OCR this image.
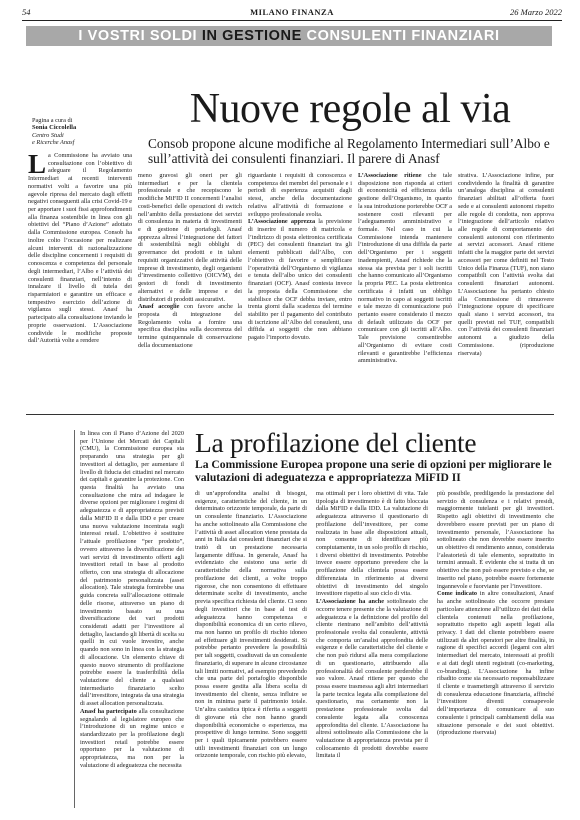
54	MILANO FINANZA	26 Marzo 2022
I VOSTRI SOLDI IN GESTIONE CONSULENTI FINANZIARI
Pagina a cura di
Sonia Ciccolella
Centro Studi
e Ricerche Anasf
Nuove regole al via
Consob propone alcune modifiche al Regolamento Intermediari sull’Albo e sull’attività dei consulenti finanziari. Il parere di Anasf

La Commissione ha avviato una consultazione con l’obiettivo di adeguare il Regolamento Intermediari ai recenti interventi normativi volti a favorire una più agevole ripresa del mercato dagli effetti negativi conseguenti alla crisi Covid-19 e per apportare i suoi fissi approfondimenti alla finanza sostenibile in linea con gli obiettivi del “Piano d’Azione” adottato dalla Commissione europea. Consob ha inoltre colto l’occasione per realizzare alcuni interventi di razionalizzazione delle discipline concernenti i requisiti di conoscenza e competenza del personale degli intermediari, l’Albo e l’attività dei consulenti finanziari, nell’intento di innalzare il livello di tutela dei risparmiatori e garantire un efficace e tempestivo esercizio dell’azione di vigilanza sugli stessi. Anasf ha partecipato alla consultazione inviando le proprie osservazioni. L’Associazione condivide le modifiche proposte dall’Autorità volte a rendere

meno gravosi gli oneri per gli intermediari e per la clientela professionale e che recepiscono le modifiche MiFID II concernenti l’analisi costi-benefici delle operazioni di switch nell’ambito della prestazione dei servizi di consulenza in materia di investimenti e di gestione di portafogli. Anasf apprezza altresì l’integrazione dei fattori di sostenibilità negli obblighi di governance dei prodotti e in taluni requisiti organizzativi delle attività delle imprese di investimento, degli organismi d’investimento collettivo (OICVM), dei gestori di fondi di investimento alternativi e delle imprese e dei distributori di prodotti assicurativi.

Anasf accoglie con favore anche la proposta di integrazione del Regolamento volta a fornire una specifica disciplina sulla decorrenza del termine quinquennale di conservazione della documentazione

riguardante i requisiti di conoscenza e competenza dei membri del personale e i periodi di esperienza acquisiti dagli stessi, anche della documentazione relativa all’attività di formazione e sviluppo professionale svolta.

L’Associazione apprezza la previsione di inserire il numero di matricola e l’indirizzo di posta elettronica certificata (PEC) dei consulenti finanziari tra gli elementi pubblicati dall’Albo, con l’obiettivo di favorire e semplificare l’operatività dell’Organismo di vigilanza e tenuta dell’albo unico dei consulenti finanziari (OCF). Anasf contesta invece la proposta della Commissione che stabilisce che OCF debba inviare, entro trenta giorni dalla scadenza del termine stabilito per il pagamento del contributo di iscrizione all’Albo del consulenti, una diffida ai soggetti che non abbiano pagato l’importo dovuto.

L’Associazione ritiene che tale disposizione non risponda ai criteri di economicità ed efficienza della gestione dell’Organismo, in quanto la sua introduzione porterebbe OCF a sostenere costi rilevanti per l’adeguamento amministrativo e formale. Nel caso in cui la Commissione intenda mantenere l’introduzione di una diffida da parte dell’Organismo per i soggetti inadempienti, Anasf richiede che la stessa sia prevista per i soli iscritti che hanno comunicato all’Organismo la propria PEC. La posta elettronica certificata è infatti un obbligo normativo in capo ai soggetti iscritti e tale mezzo di comunicazione può pertanto essere considerato il mezzo di default utilizzato da OCF per comunicare con gli iscritti all’Albo. Tale previsione consentirebbe all’Organismo di evitare costi rilevanti e garantirebbe l’efficienza amministrativa.

strativa. L’Associazione infine, pur condividendo la finalità di garantire un’analoga disciplina ai consulenti finanziari abilitati all’offerta fuori sede e ai consulenti autonomi rispetto alle regole di condotta, non approva l’integrazione dell’articolo relativo alle regole di comportamento dei consulenti autonomi con riferimento ai servizi accessori. Anasf ritiene infatti che la maggior parte dei servizi accessori per come definiti nel Testo Unico della Finanza (TUF), non siano compatibili con l’attività svolta dai consulenti finanziari autonomi. L’Associazione ha pertanto chiesto alla Commissione di rimuovere l’integrazione oppure di specificare quali siano i servizi accessori, tra quelli previsti nel TUF, compatibili con l’attività dei consulenti finanziari autonomi a giudizio della Commissione. (riproduzione riservata)

La profilazione del cliente
La Commissione Europea propone una serie di opzioni per migliorare le valutazioni di adeguatezza e appropriatezza MiFID II

In linea con il Piano d’Azione del 2020 per l’Unione dei Mercati dei Capitali (CMU), la Commissione europea sta preparando una strategia per gli investitori al dettaglio, per aumentare il livello di fiducia dei cittadini nel mercato dei capitali e garantire la protezione. Con questa finalità ha avviato una consultazione che mira ad indagare le diverse opzioni per migliorare i regimi di adeguatezza e di appropriatezza previsti dalla MiFID II e dalla IDD e per creare una nuova valutazione incentrata sugli interessi retail. L’obiettivo è sostituire l’attuale profilazione “per prodotto”, ovvero attraverso la diversificazione dei vari servizi di investimento offerti agli investitori retail in base al prodotto offerto, con una strategia di allocazione del patrimonio personalizzata (asset allocation). Tale strategia fornirebbe una guida concreta sull’allocazione ottimale delle risorse, attraverso un piano di investimento basato su una diversificazione dei vari prodotti considerati adatti per l’investitore al dettaglio, lasciando gli libertà di scelta su quelli in cui vuole investire, anche quando non sono in linea con la strategia di allocazione. Un elemento chiave di questo nuovo strumento di profilazione potrebbe essere la trasferibilità della valutazione del cliente a qualsiasi intermediario finanziario scelto dall’investitore, integrata da una strategia di asset allocation personalizzata.

Anasf ha partecipato alla consultazione segnalando al legislatore europeo che l’introduzione di un regime unico e standardizzato per la profilazione degli investitori retail potrebbe essere opportuno per la valutazione di appropriatezza, ma non per la valutazione di adeguatezza che necessita

di un’approfondita analisi di bisogni, esigenze, caratteristiche del cliente, in un determinato orizzonte temporale, da parte di un consulente finanziario. L’Associazione ha anche sottolineato alla Commissione che l’attività di asset allocation viene prestata da anni in Italia dai consulenti finanziari che si trattò di un prestazione necessaria largamente diffusa. In generale, Anasf ha evidenziato che esistono una serie di caratteristiche della normativa sulla profilazione dei clienti, a volte troppo rigorose, che non consentono di effettuare determinate scelte di investimento, anche previa specifica richiesta del cliente. Ci sono degli investitori che in base al test di adeguatezza hanno competenza e disponibilità economica di un certo rilievo, ma non hanno un profilo di rischio idoneo ad effettuare gli investimenti desiderati. Si potrebbe pertanto prevedere la possibilità per tali soggetti, coadiuvati da un consulente finanziario, di superare in alcune circostanze tali limiti normativi, ad esempio prevedendo che una parte del portafoglio disponibile possa essere gestita alla libera scelta di investimento del cliente, senza influire se non in minima parte il patrimonio totale. Un’altra casistica tipica è riferita a soggetti di giovane età che non hanno grandi disponibilità economiche o esperienza, ma prospettive di lungo termine. Sono soggetti per i quali tipicamente potrebbero essere utili investimenti finanziari con un lungo orizzonte temporale, con rischio più elevato,

ma ottimali per i loro obiettivi di vita. Tale tipologia di investimento è di fatto bloccata dalla MiFID e dalla IDD. La valutazione di adeguatezza attraverso il questionario di profilazione dell’investitore, per come realizzata in base alle disposizioni attuali, non consente di identificare più compiutamente, in un solo profilo di rischio, i diversi obiettivi di investimento. Potrebbe invece essere opportuno prevedere che la profilazione della clientela possa essere differenziata in riferimento ai diversi obiettivi di investimento del singolo investitore rispetto al suo ciclo di vita.

L’Associazione ha anche sottolineato che occorre tenere presente che la valutazione di adeguatezza e la definizione del profilo del cliente rientrano nell’ambito dell’attività professionale svolta dal consulente, attività che comporta un’analisi approfondita delle esigenze e delle caratteristiche del cliente e che non può ridursi alla mera compilazione di un questionario, attribuendo alla professionalità del consulente perderebbe il suo valore. Anasf ritiene per questo che possa essere trasmessa agli altri intermediari la parte tecnica legata alla compilazione del questionario, ma certamente non la prestazione professionale svolta dal consulente legata alla conoscenza approfondita del cliente. L’Associazione ha altresì sottolineato alla Commissione che la valutazione di appropriatezza prevista per il collocamento di prodotti dovrebbe essere limitata il

più possibile, prediligendo la prestazione del servizio di consulenza e i relativi presidi, maggiormente tutelanti per gli investitori. Rispetto agli obiettivi di investimento che dovrebbero essere previsti per un piano di investimento personale, l’Associazione ha sottolineato che non dovrebbe essere inserito un obiettivo di rendimento annuo, considerata l’aleatorietà di tale elemento, soprattutto in termini annuali. È evidente che si tratta di un obiettivo che non può essere previsto e che, se inserito nel piano, potrebbe essere fortemente ingannevole e fuorviante per l’investitore.

Come indicato in altre consultazioni, Anasf ha anche sottolineato che occorre prestare particolare attenzione all’utilizzo dei dati della clientela contenuti nella profilazione, soprattutto rispetto agli aspetti legati alla privacy. I dati del cliente potrebbero essere utilizzati da altri operatori per altre finalità, in ragione di specifici accordi (legami con altri intermediari del mercato, interessati ai profili e ai dati degli utenti registrati (co-marketing, co-branding). L’Associazione ha infine ribadito come sia necessario responsabilizzare il cliente e trasmettergli attraverso il servizio di consulenza educazione finanziaria, affinché l’investitore diventi consapevole dell’importanza di comunicare al suo consulente i principali cambiamenti della sua situazione personale e dei suoi obiettivi. (riproduzione riservata)
